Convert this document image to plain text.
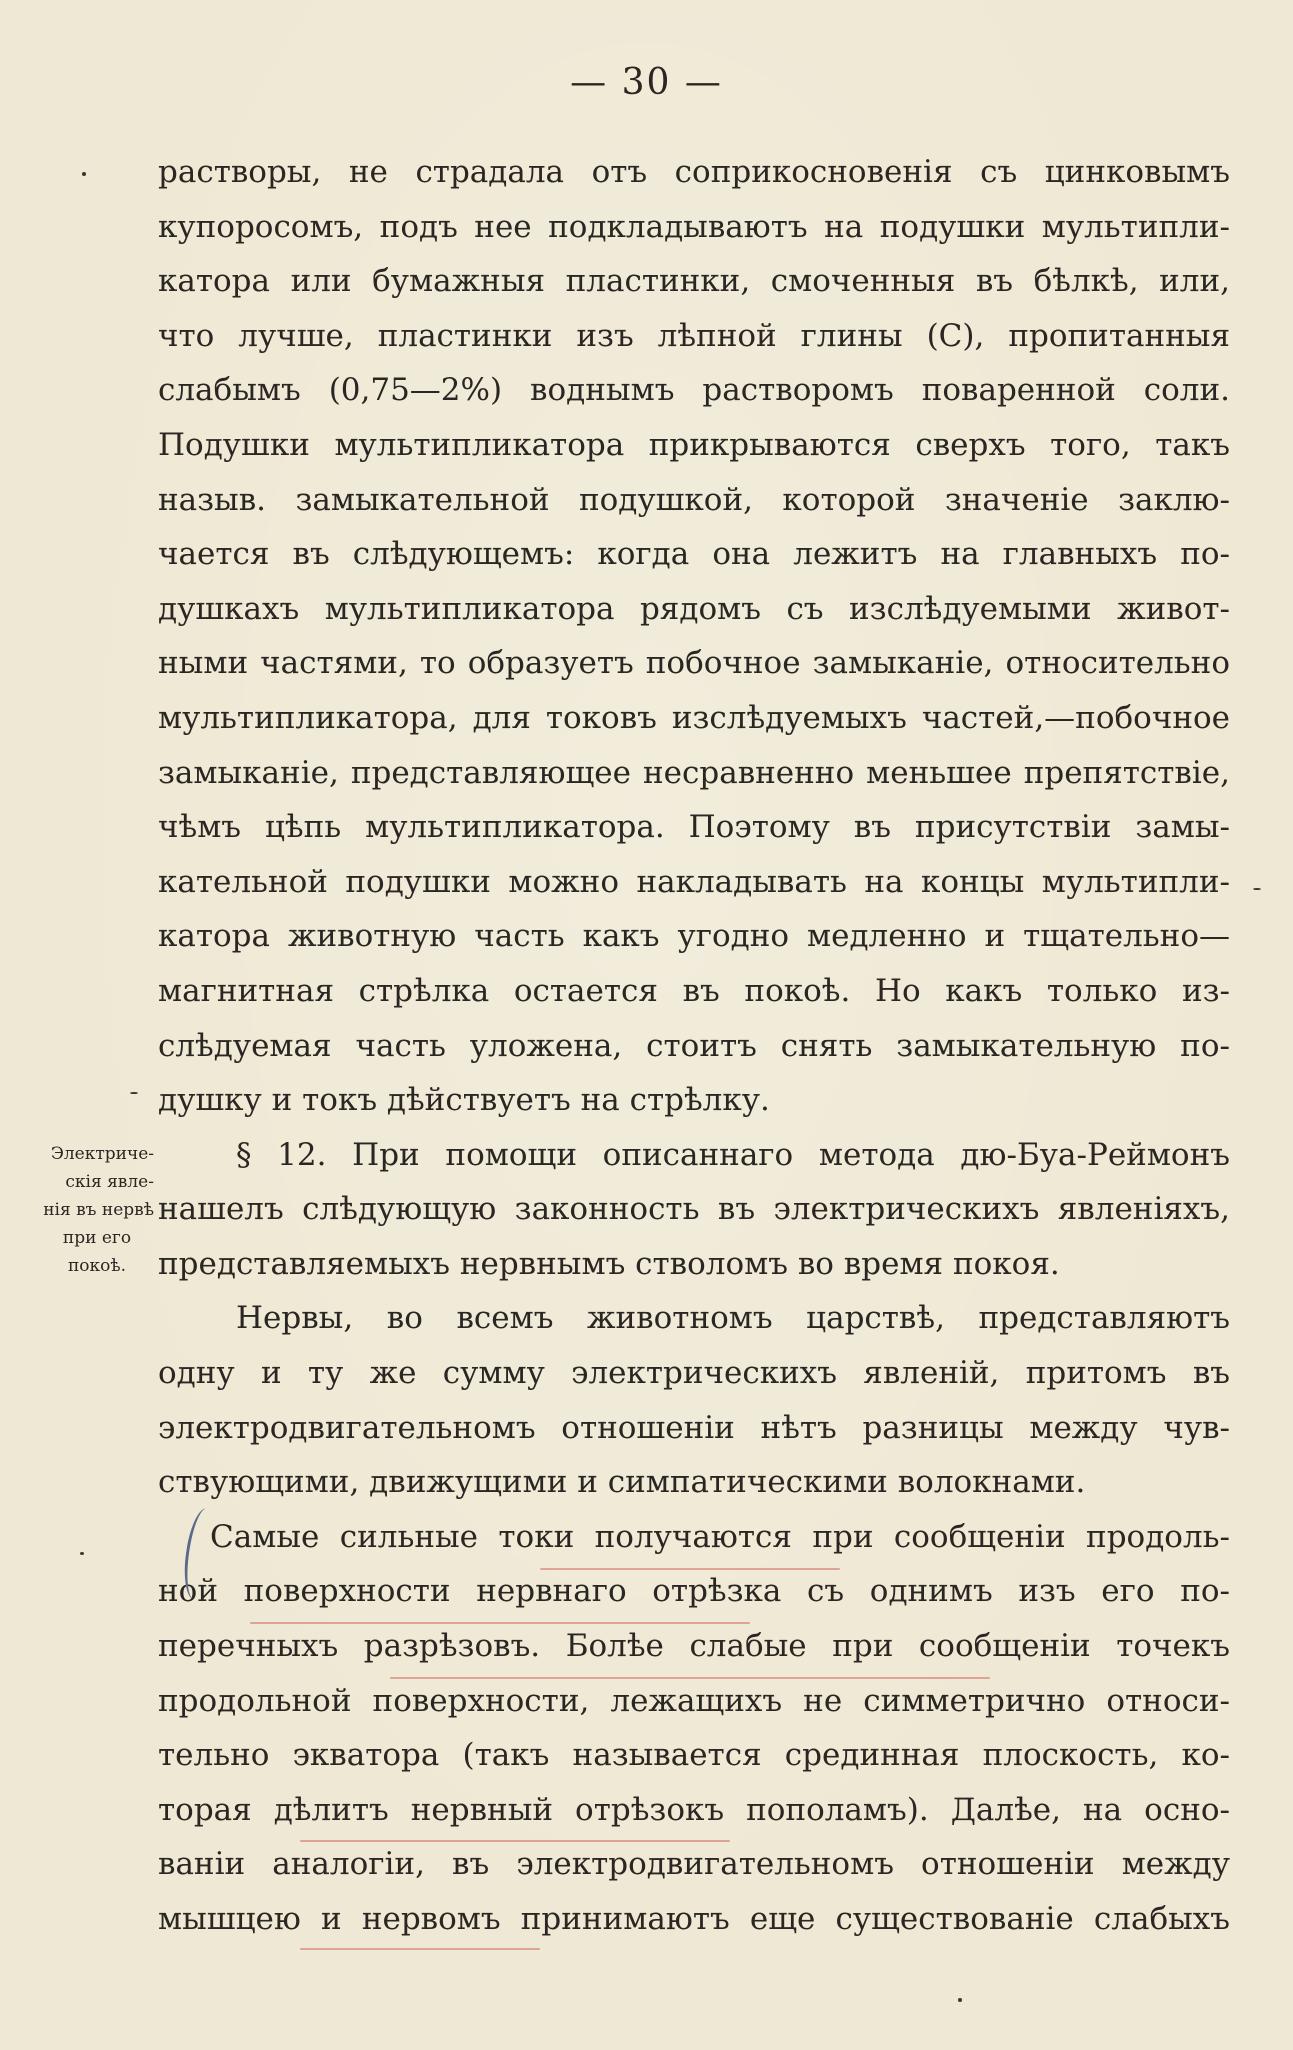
— 30 —
Электриче-
скія явле-
нія въ нервѣ
при его
покоѣ.
растворы, не страдала отъ соприкосновенія съ цинковымъ
купоросомъ, подъ нее подкладываютъ на подушки мультипли-
катора или бумажныя пластинки, смоченныя въ бѣлкѣ, или,
что лучше, пластинки изъ лѣпной глины (С), пропитанныя
слабымъ (0,75—2%) воднымъ растворомъ поваренной соли.
Подушки мультипликатора прикрываются сверхъ того, такъ
назыв. замыкательной подушкой, которой значеніе заклю-
чается въ слѣдующемъ: когда она лежитъ на главныхъ по-
душкахъ мультипликатора рядомъ съ изслѣдуемыми живот-
ными частями, то образуетъ побочное замыканіе, относительно
мультипликатора, для токовъ изслѣдуемыхъ частей,—побочное
замыканіе, представляющее несравненно меньшее препятствіе,
чѣмъ цѣпь мультипликатора. Поэтому въ присутствіи замы-
кательной подушки можно накладывать на концы мультипли-
катора животную часть какъ угодно медленно и тщательно—
магнитная стрѣлка остается въ покоѣ. Но какъ только из-
слѣдуемая часть уложена, стоитъ снять замыкательную по-
душку и токъ дѣйствуетъ на стрѣлку.
§ 12. При помощи описаннаго метода дю-Буа-Реймонъ
нашелъ слѣдующую законность въ электрическихъ явленіяхъ,
представляемыхъ нервнымъ стволомъ во время покоя.
Нервы, во всемъ животномъ царствѣ, представляютъ
одну и ту же сумму электрическихъ явленій, притомъ въ
электродвигательномъ отношеніи нѣтъ разницы между чув-
ствующими, движущими и симпатическими волокнами.
Самые сильные токи получаются при сообщеніи продоль-
ной поверхности нервнаго отрѣзка съ однимъ изъ его по-
перечныхъ разрѣзовъ. Болѣе слабые при сообщеніи точекъ
продольной поверхности, лежащихъ не симметрично относи-
тельно экватора (такъ называется срединная плоскость, ко-
торая дѣлитъ нервный отрѣзокъ пополамъ). Далѣе, на осно-
ваніи аналогіи, въ электродвигательномъ отношеніи между
мышцею и нервомъ принимаютъ еще существованіе слабыхъ
